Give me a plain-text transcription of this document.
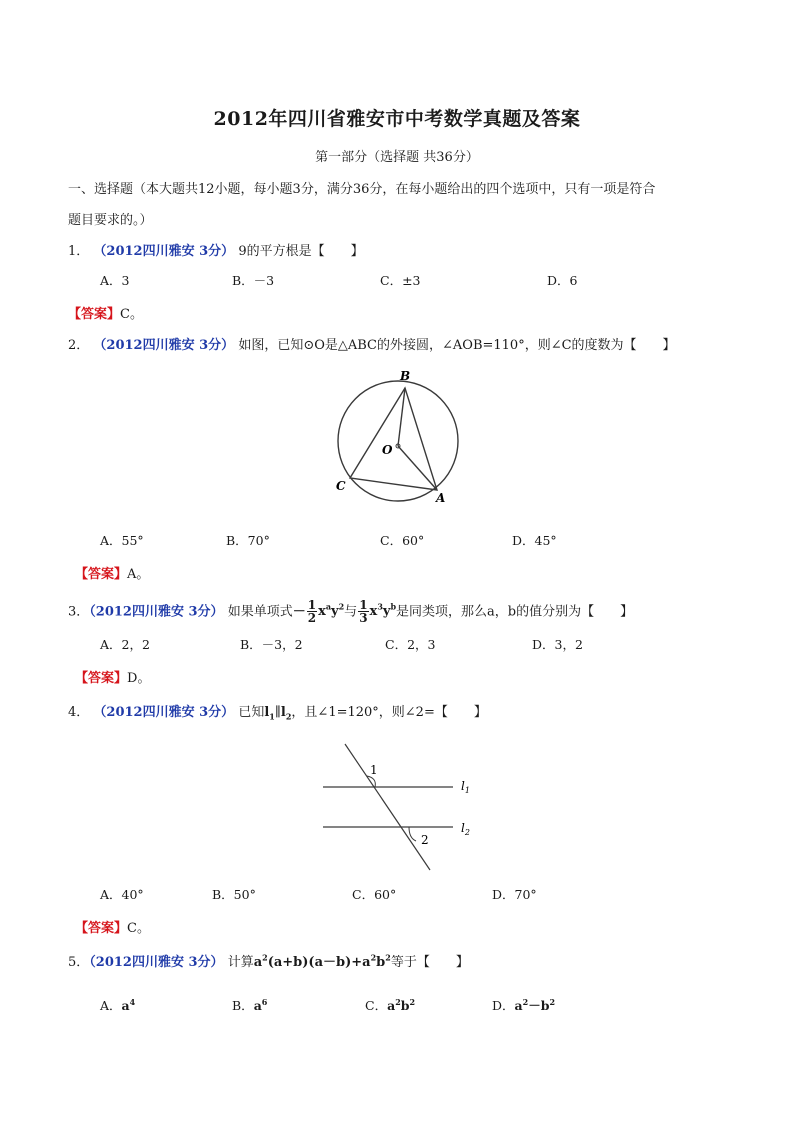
2012年四川省雅安市中考数学真题及答案
第一部分（选择题 共36分）
一、选择题（本大题共12小题，每小题3分，满分36分，在每小题给出的四个选项中，只有一项是符合
题目要求的。）
1． （2012四川雅安 3分） 9的平方根是【　　】
A．3	B．－3	C．±3	D．6
【答案】C。
2． （2012四川雅安 3分） 如图，已知⊙O是△ABC的外接圆，∠AOB=110°，则∠C的度数为【　　】
B
O
C
A
A．55°	B．70°	C．60°	D．45°
【答案】A。
3．（2012四川雅安 3分） 如果单项式－ $\frac{1}{2} x^ay^2$与 $\frac{1}{3} x^3y^b$是同类项，那么a，b的值分别为【　　】
A．2，2	B．－3，2	C．2，3	D．3，2
【答案】D。
4． （2012四川雅安 3分） 已知$l_1\parallel l_2$，且∠1=120°，则∠2=【　　】
1
$l_1$
$l_2$
2
A．40°	B．50°	C．60°	D．70°
【答案】C。
5．（2012四川雅安 3分） 计算$a^2(a+b)(a-b)+a^2b^2$等于【　　】
A．$a^4$	B．$a^6$	C．$a^2b^2$	D．$a^2-b^2$
